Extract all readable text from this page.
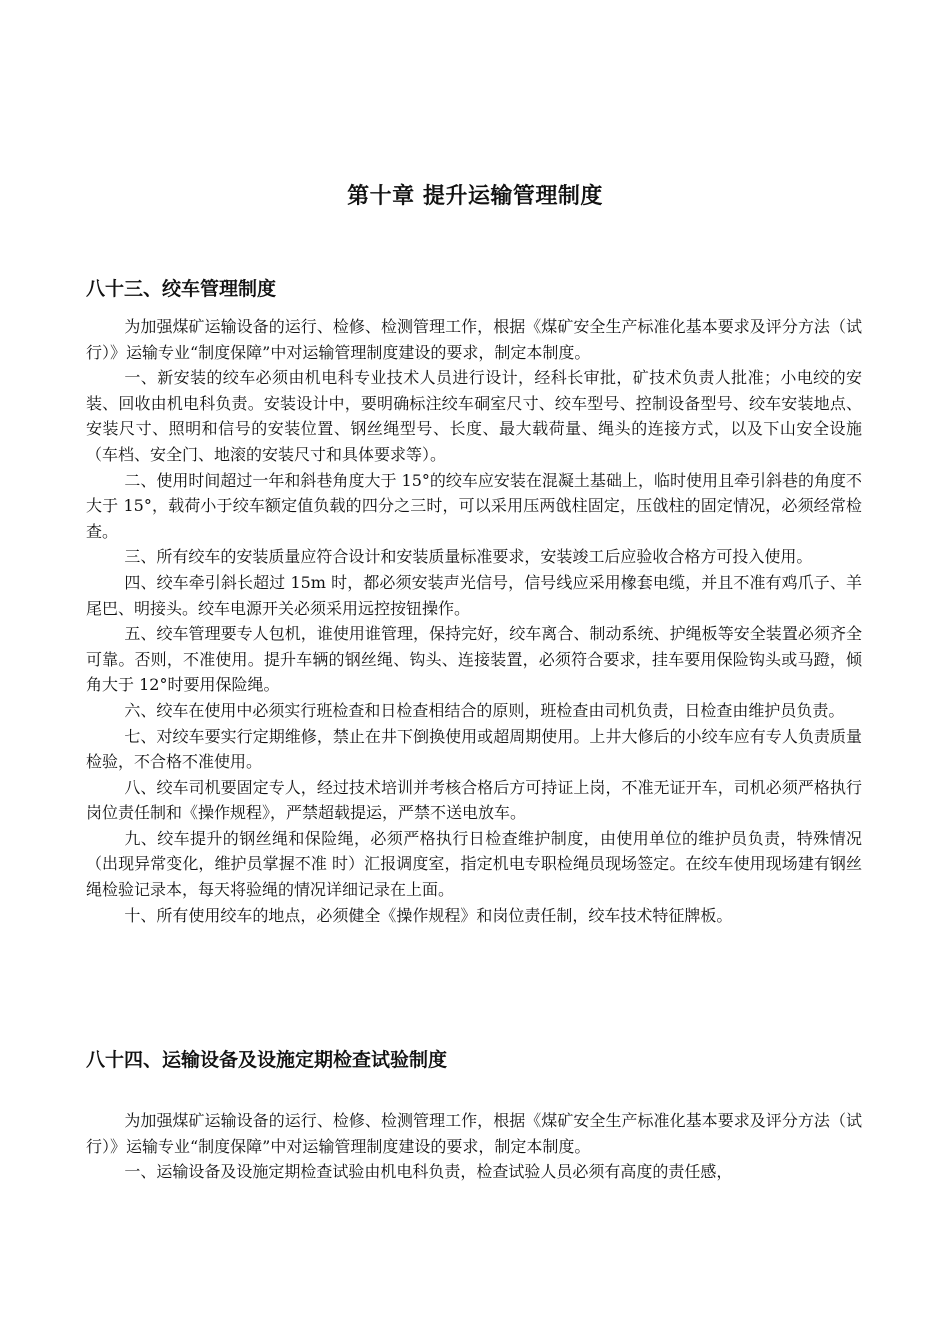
第十章 提升运输管理制度
八十三、绞车管理制度

为加强煤矿运输设备的运行、检修、检测管理工作，根据《煤矿安全生产标准化基本要求及评分方法（试行）》运输专业“制度保障”中对运输管理制度建设的要求，制定本制度。

一、新安装的绞车必须由机电科专业技术人员进行设计，经科长审批，矿技术负责人批准；小电绞的安装、回收由机电科负责。安装设计中，要明确标注绞车硐室尺寸、绞车型号、控制设备型号、绞车安装地点、安装尺寸、照明和信号的安装位置、钢丝绳型号、长度、最大载荷量、绳头的连接方式，以及下山安全设施（车档、安全门、地滚的安装尺寸和具体要求等）。

二、使用时间超过一年和斜巷角度大于 15°的绞车应安装在混凝土基础上，临时使用且牵引斜巷的角度不大于 15°，载荷小于绞车额定值负载的四分之三时，可以采用压两戗柱固定，压戗柱的固定情况，必须经常检查。

三、所有绞车的安装质量应符合设计和安装质量标准要求，安装竣工后应验收合格方可投入使用。

四、绞车牵引斜长超过 15m 时，都必须安装声光信号，信号线应采用橡套电缆，并且不准有鸡爪子、羊尾巴、明接头。绞车电源开关必须采用远控按钮操作。

五、绞车管理要专人包机，谁使用谁管理，保持完好，绞车离合、制动系统、护绳板等安全装置必须齐全可靠。否则，不准使用。提升车辆的钢丝绳、钩头、连接装置，必须符合要求，挂车要用保险钩头或马蹬，倾角大于 12°时要用保险绳。

六、绞车在使用中必须实行班检查和日检查相结合的原则，班检查由司机负责，日检查由维护员负责。

七、对绞车要实行定期维修，禁止在井下倒换使用或超周期使用。上井大修后的小绞车应有专人负责质量检验，不合格不准使用。

八、绞车司机要固定专人，经过技术培训并考核合格后方可持证上岗，不准无证开车，司机必须严格执行岗位责任制和《操作规程》，严禁超载提运，严禁不送电放车。

九、绞车提升的钢丝绳和保险绳，必须严格执行日检查维护制度，由使用单位的维护员负责，特殊情况（出现异常变化，维护员掌握不准 时）汇报调度室，指定机电专职检绳员现场签定。在绞车使用现场建有钢丝绳检验记录本，每天将验绳的情况详细记录在上面。

十、所有使用绞车的地点，必须健全《操作规程》和岗位责任制，绞车技术特征牌板。

八十四、运输设备及设施定期检查试验制度

为加强煤矿运输设备的运行、检修、检测管理工作，根据《煤矿安全生产标准化基本要求及评分方法（试行）》运输专业“制度保障”中对运输管理制度建设的要求，制定本制度。

一、运输设备及设施定期检查试验由机电科负责，检查试验人员必须有高度的责任感，
